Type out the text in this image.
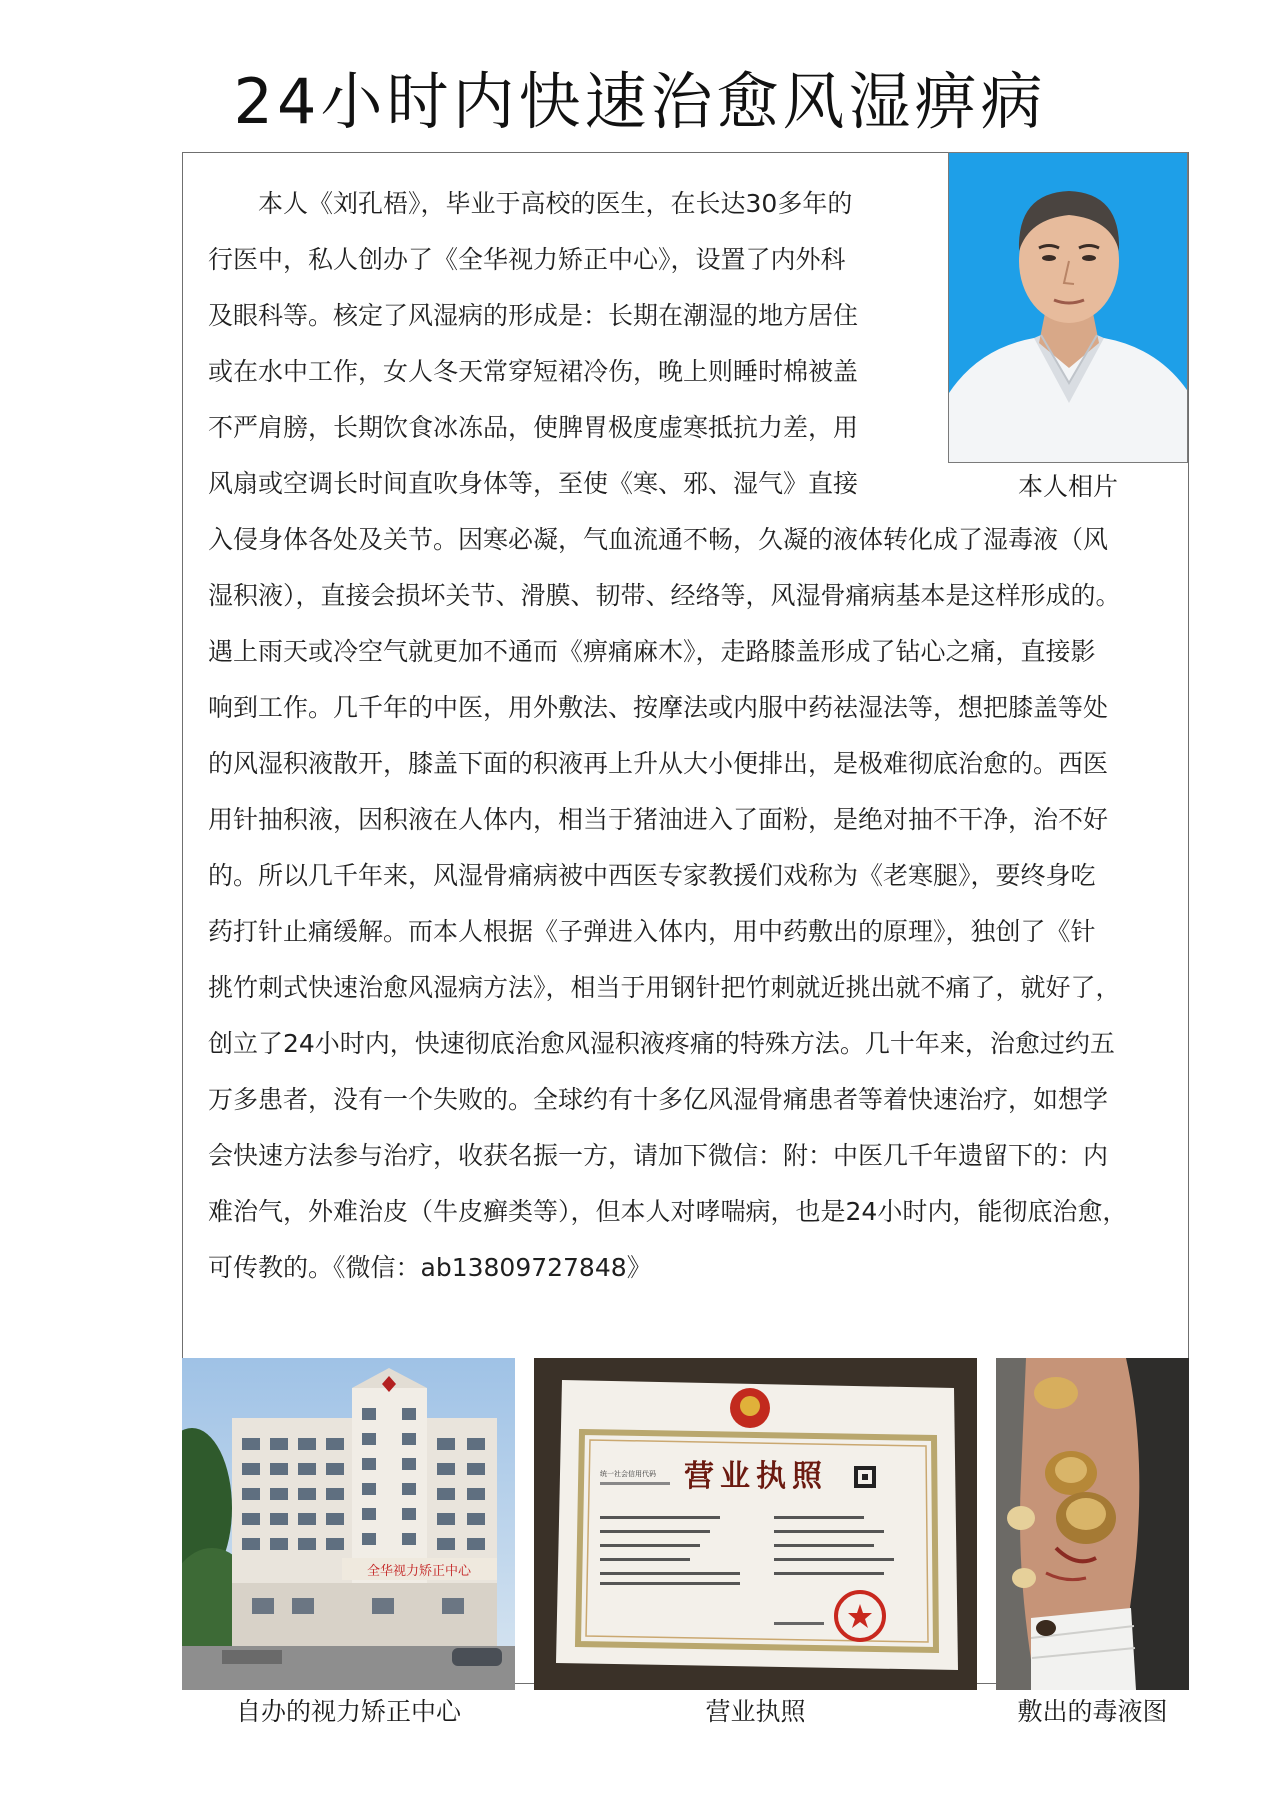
24小时内快速治愈风湿痹病
　　本人《刘孔梧》，毕业于高校的医生，在长达30多年的
行医中，私人创办了《全华视力矫正中心》，设置了内外科
及眼科等。核定了风湿病的形成是：长期在潮湿的地方居住
或在水中工作，女人冬天常穿短裙冷伤，晚上则睡时棉被盖
不严肩膀，长期饮食冰冻品，使脾胃极度虚寒抵抗力差，用
风扇或空调长时间直吹身体等，至使《寒、邪、湿气》直接
入侵身体各处及关节。因寒必凝，气血流通不畅，久凝的液体转化成了湿毒液（风
湿积液），直接会损坏关节、滑膜、韧带、经络等，风湿骨痛病基本是这样形成的。
遇上雨天或冷空气就更加不通而《痹痛麻木》，走路膝盖形成了钻心之痛，直接影
响到工作。几千年的中医，用外敷法、按摩法或内服中药祛湿法等，想把膝盖等处
的风湿积液散开，膝盖下面的积液再上升从大小便排出，是极难彻底治愈的。西医
用针抽积液，因积液在人体内，相当于猪油进入了面粉，是绝对抽不干净，治不好
的。所以几千年来，风湿骨痛病被中西医专家教援们戏称为《老寒腿》，要终身吃
药打针止痛缓解。而本人根据《子弹进入体内，用中药敷出的原理》，独创了《针
挑竹刺式快速治愈风湿病方法》，相当于用钢针把竹刺就近挑出就不痛了，就好了，
创立了24小时内，快速彻底治愈风湿积液疼痛的特殊方法。几十年来，治愈过约五
万多患者，没有一个失败的。全球约有十多亿风湿骨痛患者等着快速治疗，如想学
会快速方法参与治疗，收获名振一方，请加下微信：附：中医几千年遗留下的：内
难治气，外难治皮（牛皮癣类等），但本人对哮喘病，也是24小时内，能彻底治愈，
可传教的。《微信：ab13809727848》
本人相片
全华视力矫正中心
自办的视力矫正中心
营业执照
统一社会信用代码
营业执照	敷出的毒液图
